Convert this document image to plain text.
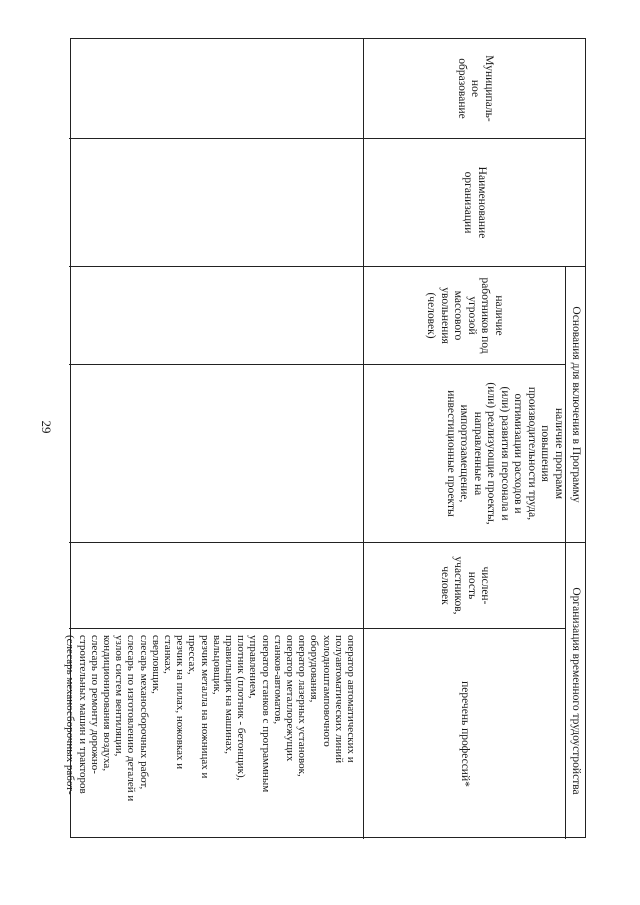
29
Муниципаль-
ное
образование
Наименование
организации
Основания для включения в Программу
Организация временного трудоустройства
наличие
работников под
угрозой
массового
увольнения
(человек)
наличие программ
повышения
производительности труда,
оптимизации расходов и
(или) развития персонала и
(или) реализующие проекты,
направленные на
импортозамещение,
инвестиционные проекты
числен-
ность
участников,
человек
перечень профессий*
оператор автоматических и
полуавтоматических линий
холодноштамповочного
оборудования,
оператор лазерных установок,
оператор металлорежущих
станков-автоматов,
оператор станков с программным
управлением,
плотник (плотник - бетонщик),
правильщик на машинах,
вальцовщик,
резчик металла на ножницах и
прессах,
резчик на пилах, ножовках и
станках,
сверловщик,
слесарь механосборочных работ,
слесарь по изготовлению деталей и
узлов систем вентиляции,
кондиционирования воздуха,
слесарь по ремонту дорожно-
строительных машин и тракторов
(слесарь механосборочных работ-
